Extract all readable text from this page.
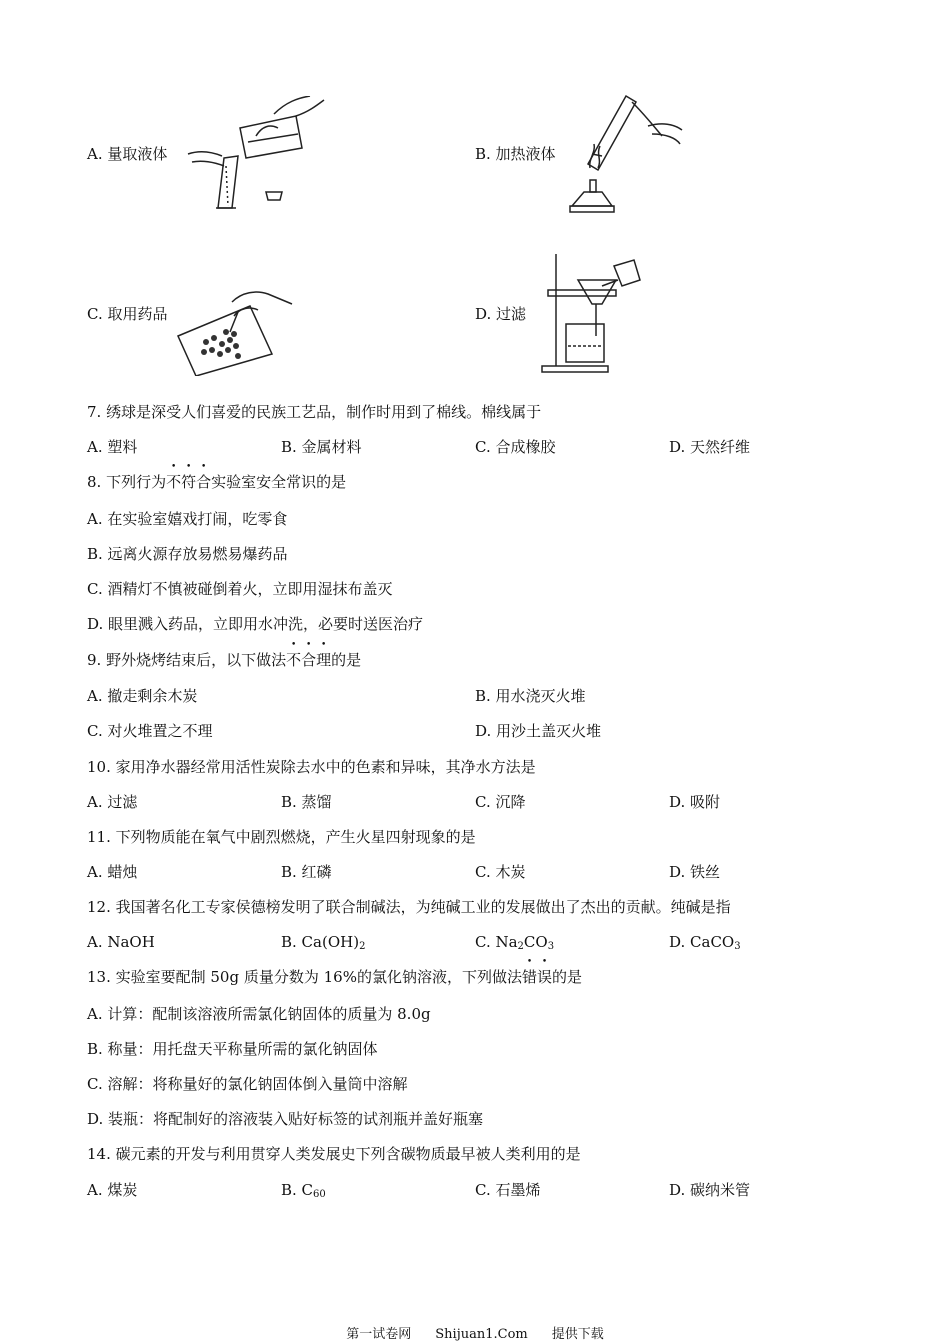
A. 量取液体	B. 加热液体
C. 取用药品	D. 过滤
7. 绣球是深受人们喜爱的民族工艺品，制作时用到了棉线。棉线属于
A. 塑料	B. 金属材料	C. 合成橡胶	D. 天然纤维
8. 下列行为不符合实验室安全常识的是
A. 在实验室嬉戏打闹，吃零食
B. 远离火源存放易燃易爆药品
C. 酒精灯不慎被碰倒着火，立即用湿抹布盖灭
D. 眼里溅入药品，立即用水冲洗，必要时送医治疗
9. 野外烧烤结束后，以下做法不合理的是
A. 撤走剩余木炭	B. 用水浇灭火堆
C. 对火堆置之不理	D. 用沙土盖灭火堆
10. 家用净水器经常用活性炭除去水中的色素和异味，其净水方法是
A. 过滤	B. 蒸馏	C. 沉降	D. 吸附
11. 下列物质能在氧气中剧烈燃烧，产生火星四射现象的是
A. 蜡烛	B. 红磷	C. 木炭	D. 铁丝
12. 我国著名化工专家侯德榜发明了联合制碱法，为纯碱工业的发展做出了杰出的贡献。纯碱是指
A. NaOH	B. $Ca(OH)_2$	C. $Na_2CO_3$	D. CaCO$_3$
13. 实验室要配制 50g 质量分数为 16%的氯化钠溶液，下列做法错误的是
A. 计算：配制该溶液所需氯化钠固体的质量为 8.0g
B. 称量：用托盘天平称量所需的氯化钠固体
C. 溶解：将称量好的氯化钠固体倒入量筒中溶解
D. 装瓶：将配制好的溶液装入贴好标签的试剂瓶并盖好瓶塞
14. 碳元素的开发与利用贯穿人类发展史下列含碳物质最早被人类利用的是
A. 煤炭	B. $C_{60}$	C. 石墨烯	D. 碳纳米管
第一试卷网 Shijuan1.Com 提供下载
